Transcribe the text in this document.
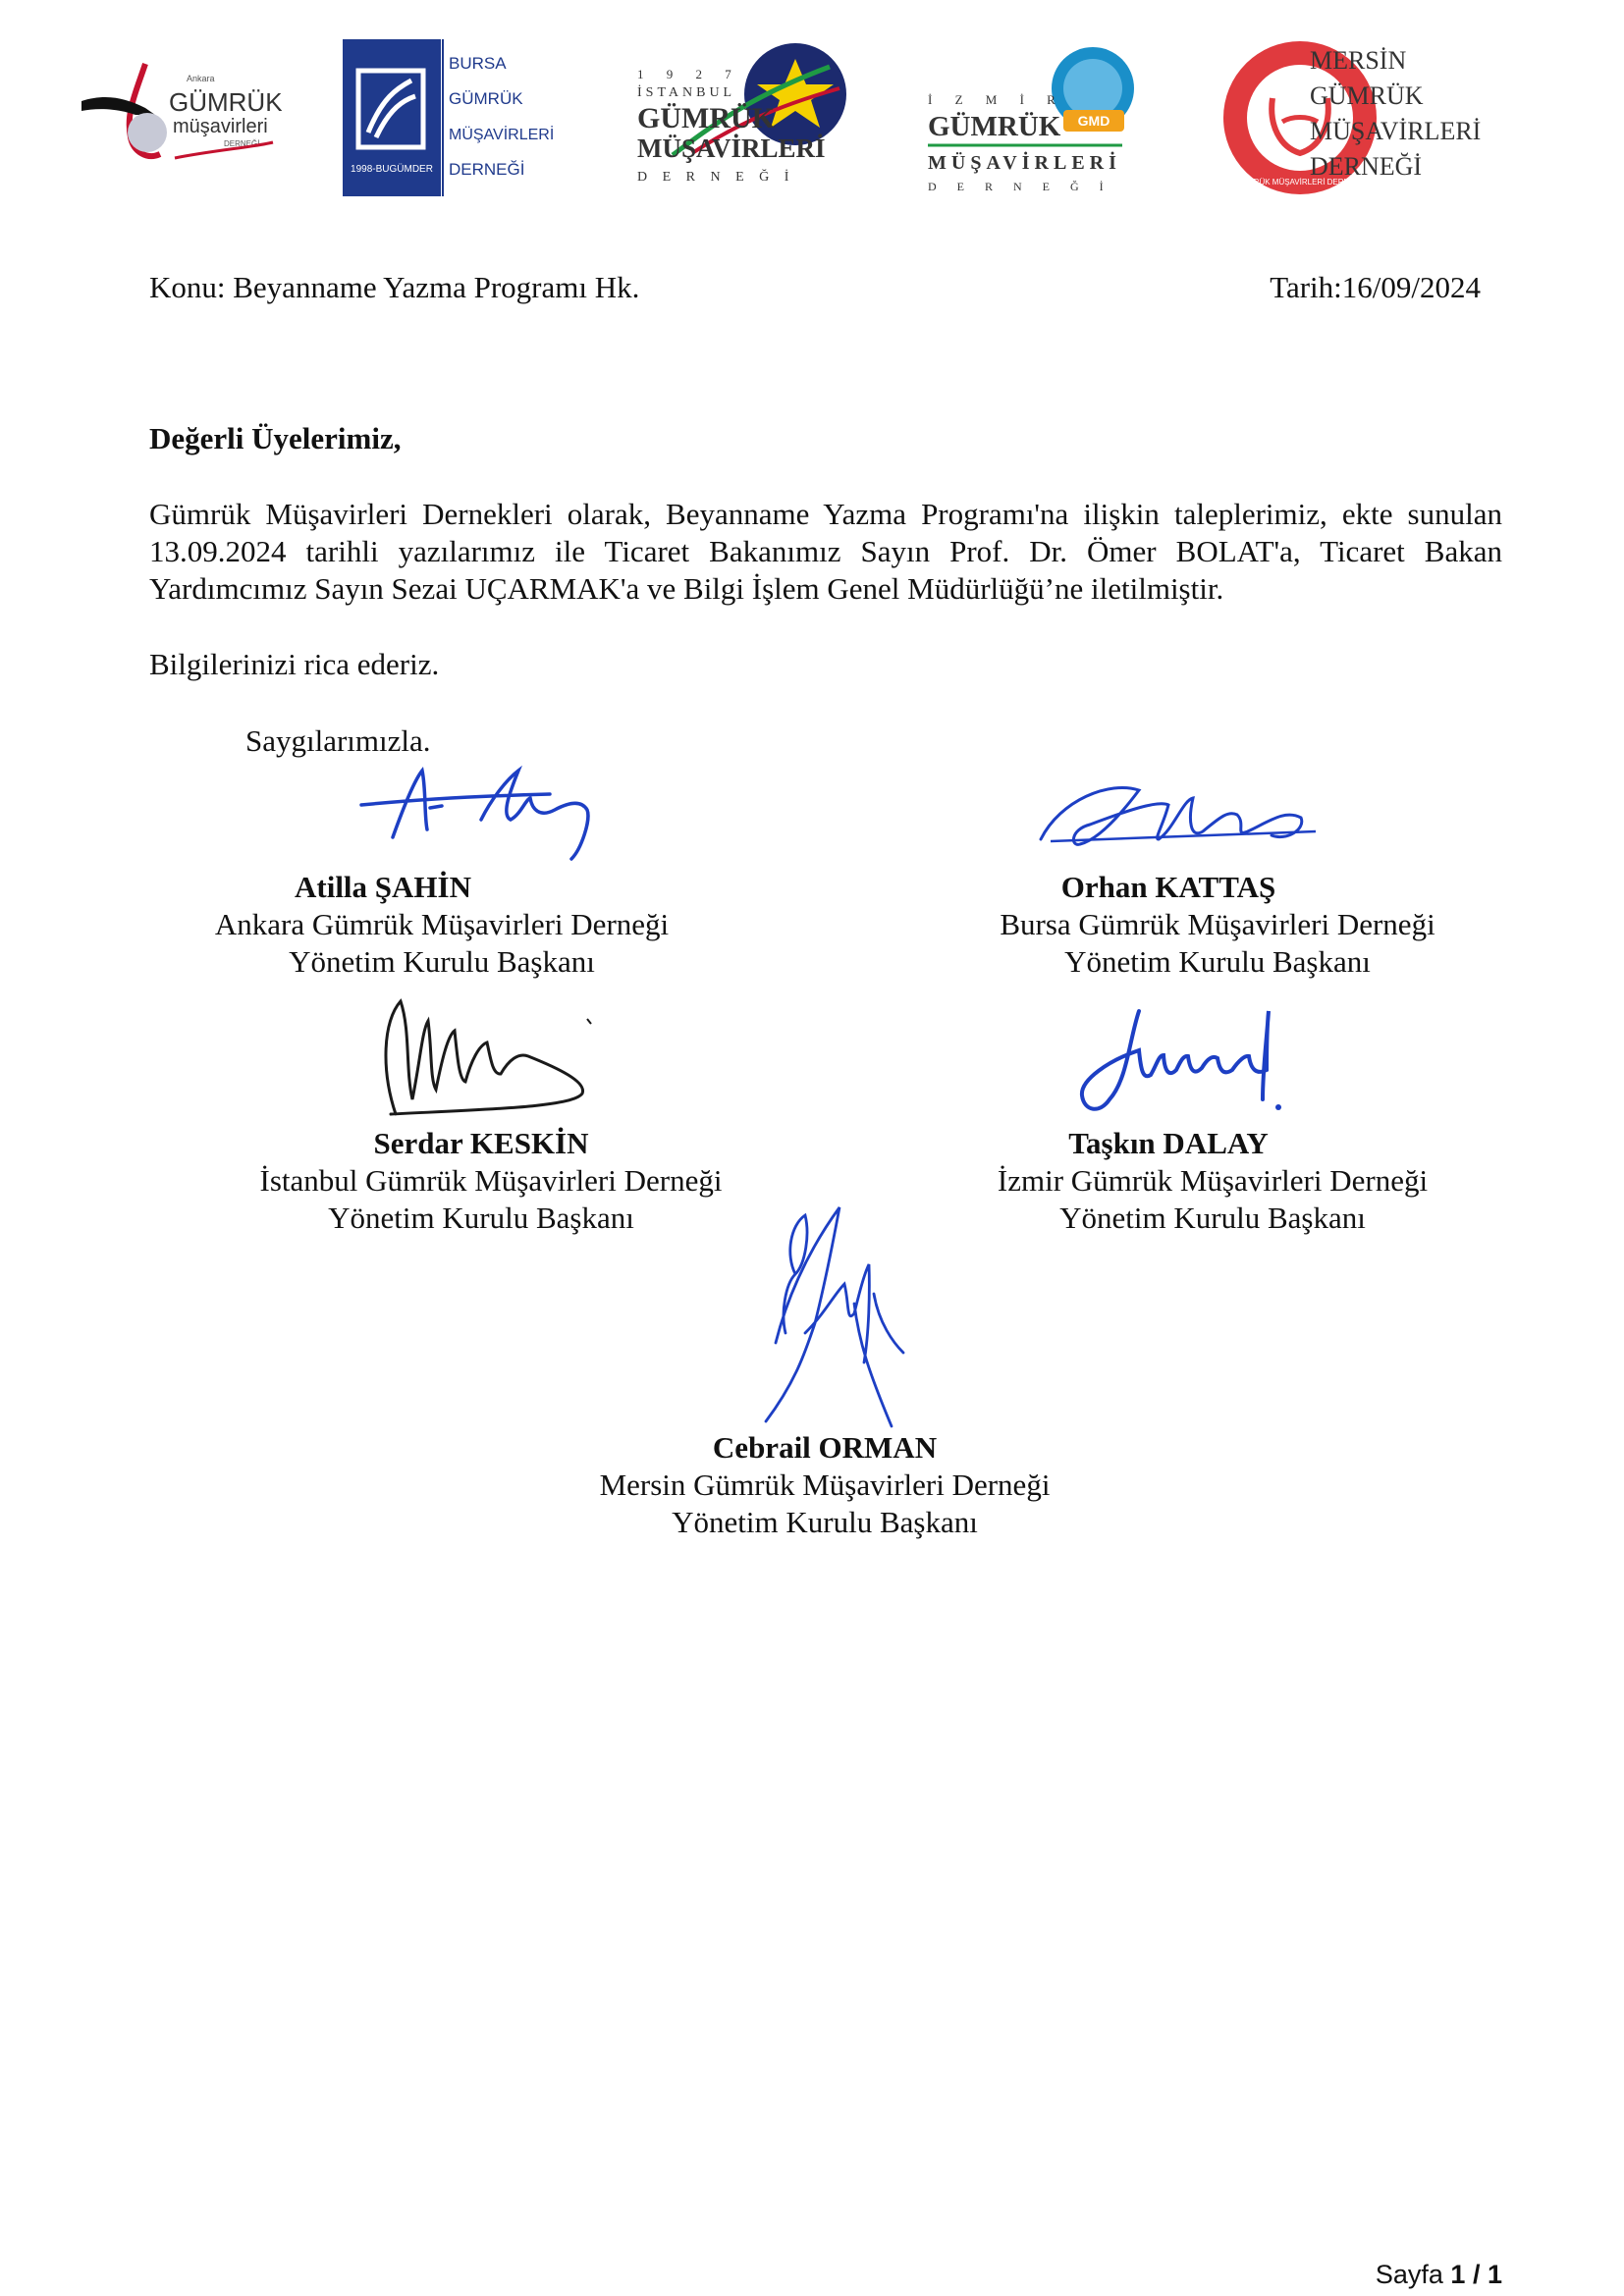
Ankara
GÜMRÜK
müşavirleri
DERNEĞİ
1998-BUGÜMDER
BURSA
GÜMRÜK
MÜŞAVİRLERİ
DERNEĞİ
1 9 2 7
İSTANBUL
GÜMRÜK
MÜŞAVİRLERİ
D E R N E Ğ İ
GMD
İ Z M İ R
GÜMRÜK
MÜŞAVİRLERİ
D E R N E Ğ İ	GÜMRÜK MÜŞAVİRLERİ DERNEĞİ MERSİN
MERSİN
GÜMRÜK
MÜŞAVİRLERİ
DERNEĞİ
Konu: Beyanname Yazma Programı Hk.	Tarih:16/09/2024
Değerli Üyelerimiz,
Gümrük Müşavirleri Dernekleri olarak, Beyanname Yazma Programı'na ilişkin taleplerimiz, ekte sunulan 13.09.2024 tarihli yazılarımız ile Ticaret Bakanımız Sayın Prof. Dr. Ömer BOLAT'a, Ticaret Bakan Yardımcımız Sayın Sezai UÇARMAK'a ve Bilgi İşlem Genel Müdürlüğü’ne iletilmiştir.
Bilgilerinizi rica ederiz.
Saygılarımızla.
Atilla ŞAHİN
Ankara Gümrük Müşavirleri Derneği
Yönetim Kurulu Başkanı
Orhan KATTAŞ
Bursa Gümrük Müşavirleri Derneği
Yönetim Kurulu Başkanı
Serdar KESKİN
İstanbul Gümrük Müşavirleri Derneği
Yönetim Kurulu Başkanı
Taşkın DALAY
İzmir Gümrük Müşavirleri Derneği
Yönetim Kurulu Başkanı
Cebrail ORMAN
Mersin Gümrük Müşavirleri Derneği
Yönetim Kurulu Başkanı
Sayfa 1 / 1
